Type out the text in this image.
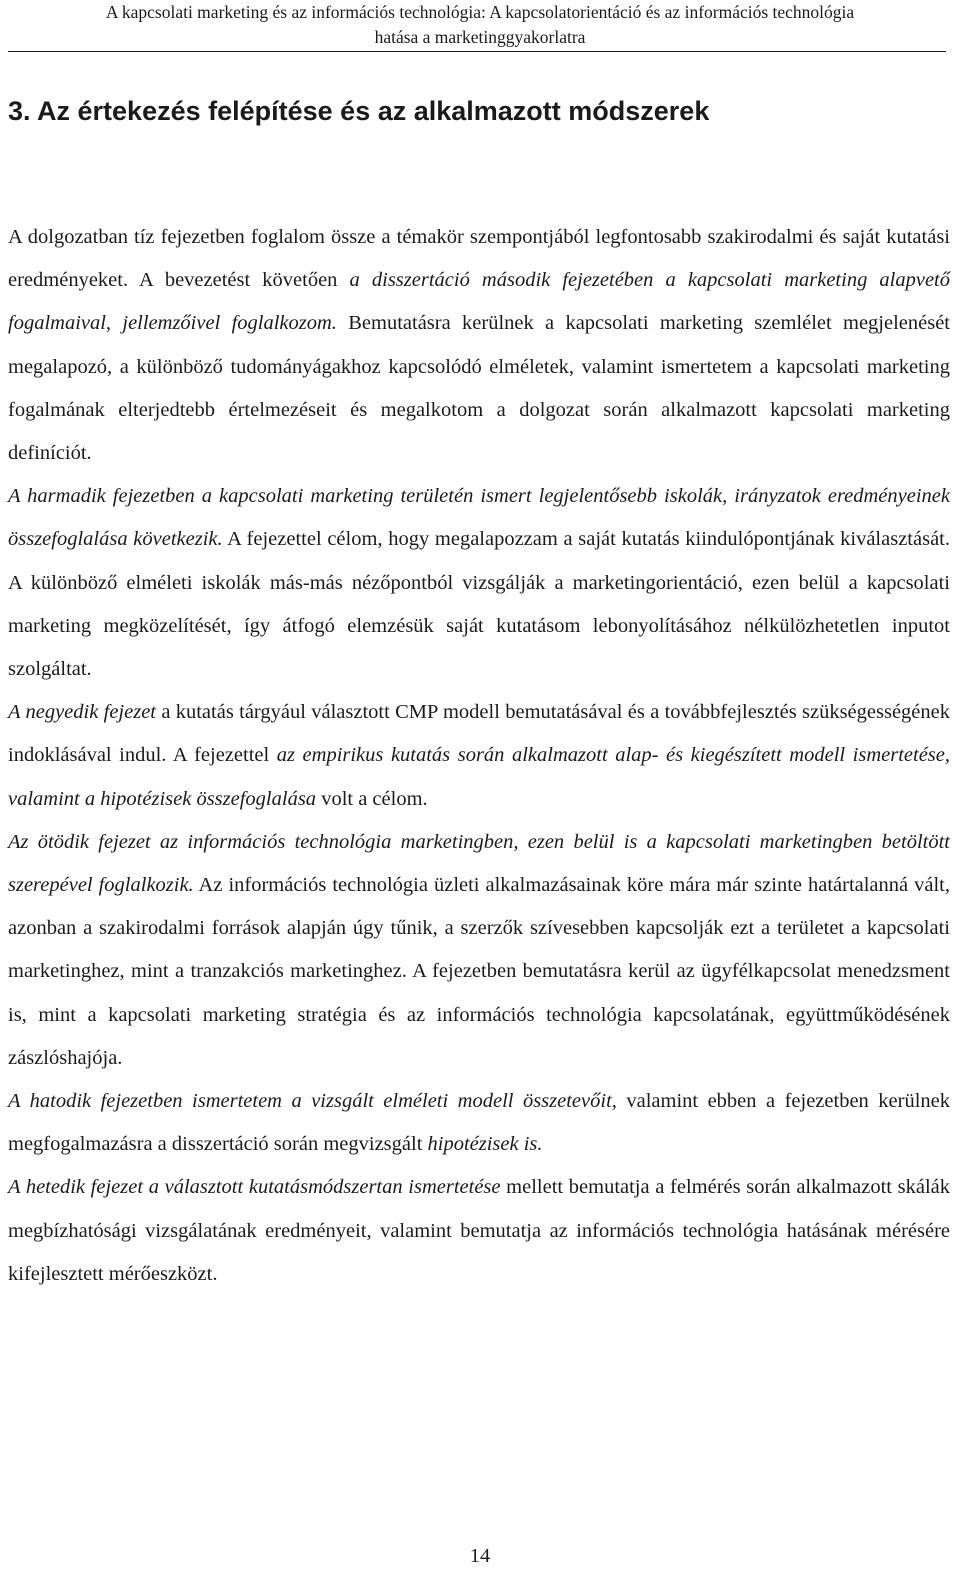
A kapcsolati marketing és az információs technológia: A kapcsolatorientáció és az információs technológia
hatása a marketinggyakorlatra
3. Az értekezés felépítése és az alkalmazott módszerek

A dolgozatban tíz fejezetben foglalom össze a témakör szempontjából legfontosabb szakirodalmi és saját kutatási eredményeket. A bevezetést követően a disszertáció második fejezetében a kapcsolati marketing alapvető fogalmaival, jellemzőivel foglalkozom. Bemutatásra kerülnek a kapcsolati marketing szemlélet megjelenését megalapozó, a különböző tudományágakhoz kapcsolódó elméletek, valamint ismertetem a kapcsolati marketing fogalmának elterjedtebb értelmezéseit és megalkotom a dolgozat során alkalmazott kapcsolati marketing definíciót.

A harmadik fejezetben a kapcsolati marketing területén ismert legjelentősebb iskolák, irányzatok eredményeinek összefoglalása következik. A fejezettel célom, hogy megalapozzam a saját kutatás kiindulópontjának kiválasztását. A különböző elméleti iskolák más-más nézőpontból vizsgálják a marketingorientáció, ezen belül a kapcsolati marketing megközelítését, így átfogó elemzésük saját kutatásom lebonyolításához nélkülözhetetlen inputot szolgáltat.

A negyedik fejezet a kutatás tárgyául választott CMP modell bemutatásával és a továbbfejlesztés szükségességének indoklásával indul. A fejezettel az empirikus kutatás során alkalmazott alap- és kiegészített modell ismertetése, valamint a hipotézisek összefoglalása volt a célom.

Az ötödik fejezet az információs technológia marketingben, ezen belül is a kapcsolati marketingben betöltött szerepével foglalkozik. Az információs technológia üzleti alkalmazásainak köre mára már szinte határtalanná vált, azonban a szakirodalmi források alapján úgy tűnik, a szerzők szívesebben kapcsolják ezt a területet a kapcsolati marketinghez, mint a tranzakciós marketinghez. A fejezetben bemutatásra kerül az ügyfélkapcsolat menedzsment is, mint a kapcsolati marketing stratégia és az információs technológia kapcsolatának, együttműködésének zászlóshajója.

A hatodik fejezetben ismertetem a vizsgált elméleti modell összetevőit, valamint ebben a fejezetben kerülnek megfogalmazásra a disszertáció során megvizsgált hipotézisek is.

A hetedik fejezet a választott kutatásmódszertan ismertetése mellett bemutatja a felmérés során alkalmazott skálák megbízhatósági vizsgálatának eredményeit, valamint bemutatja az információs technológia hatásának mérésére kifejlesztett mérőeszközt.

14
